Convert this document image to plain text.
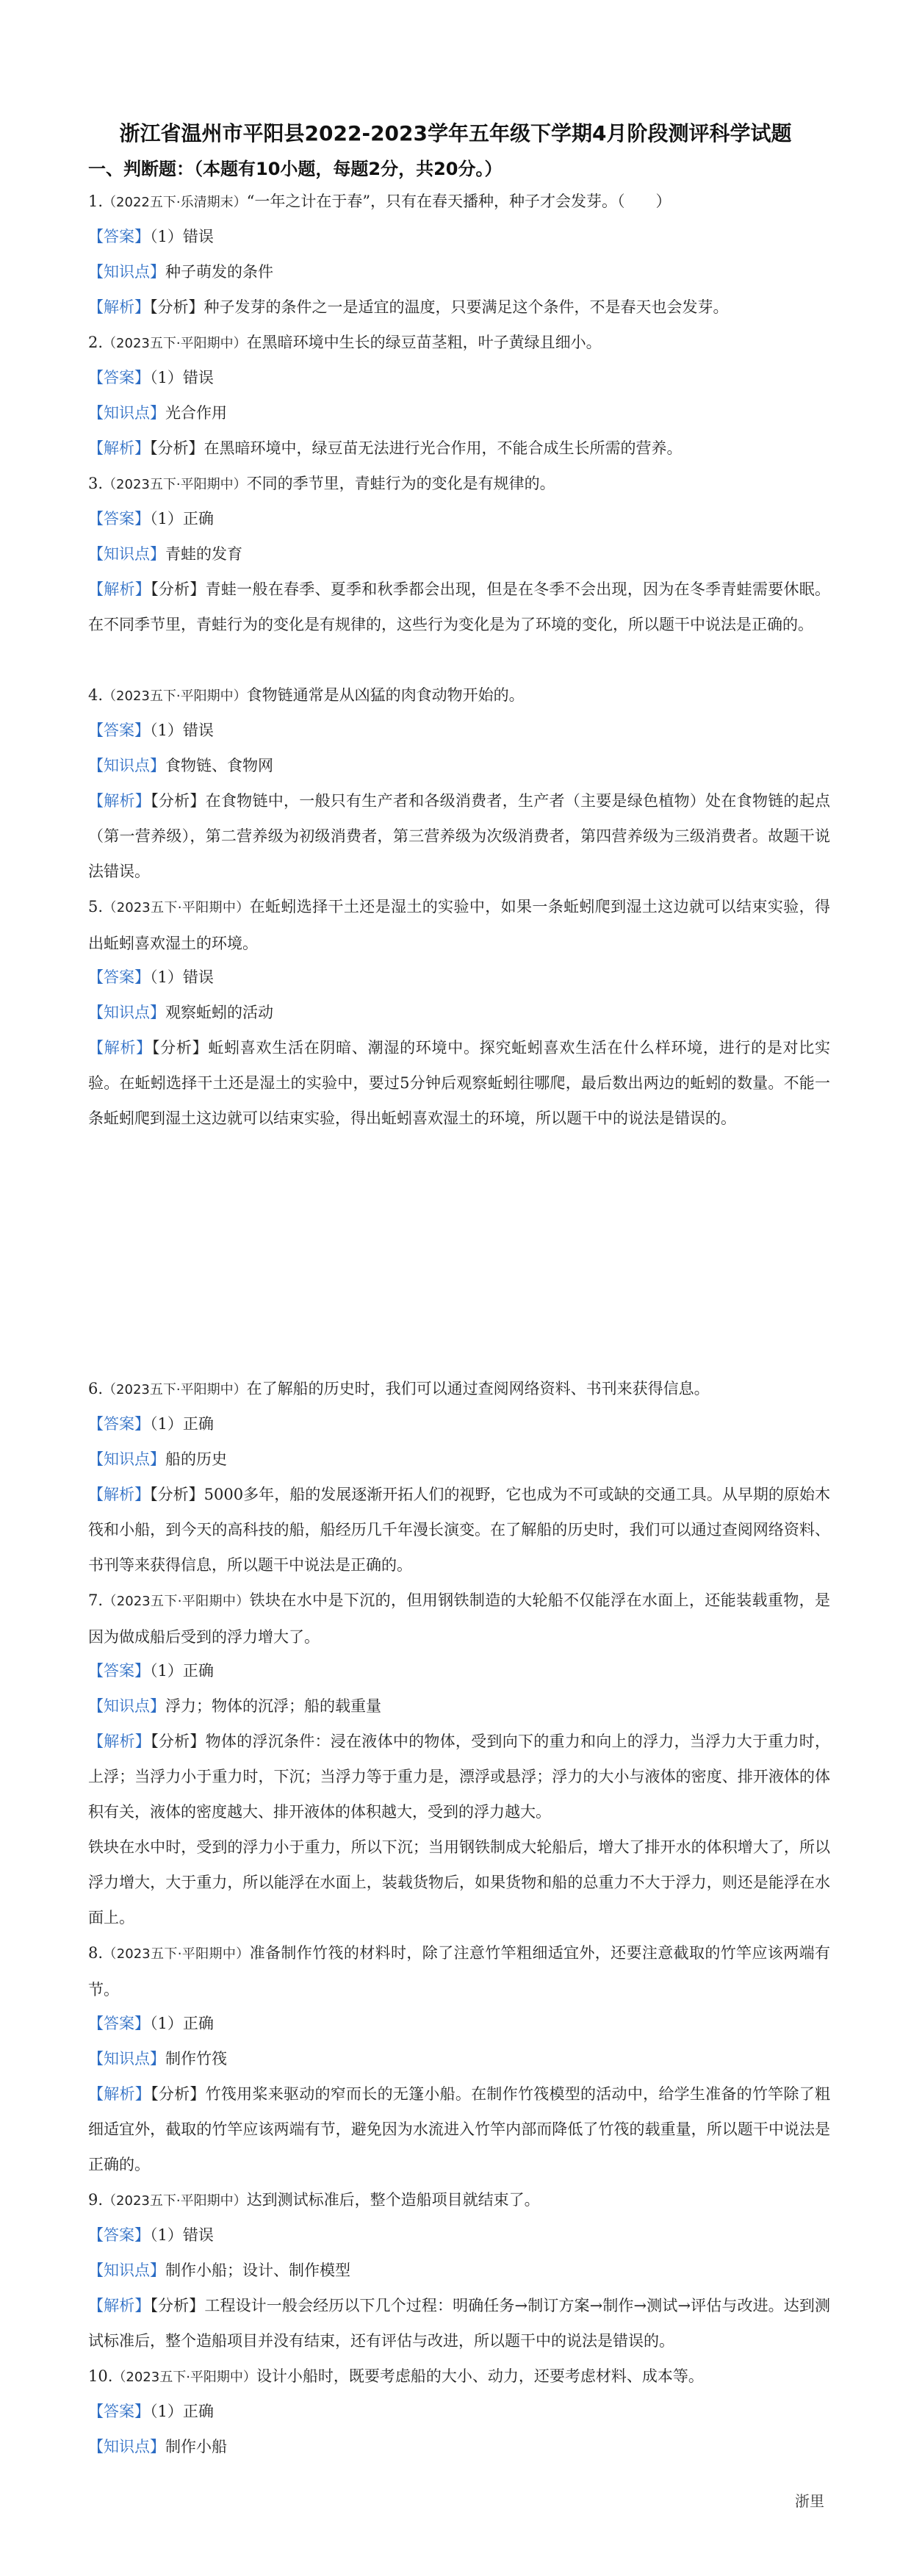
浙江省温州市平阳县2022-2023学年五年级下学期4月阶段测评科学试题
一、判断题：（本题有10小题，每题2分，共20分。）
1.（2022五下·乐清期末）“一年之计在于春”，只有在春天播种，种子才会发芽。（　　）
【答案】（1）错误
【知识点】种子萌发的条件
【解析】【分析】种子发芽的条件之一是适宜的温度，只要满足这个条件，不是春天也会发芽。
2.（2023五下·平阳期中）在黑暗环境中生长的绿豆苗茎粗，叶子黄绿且细小。
【答案】（1）错误
【知识点】光合作用
【解析】【分析】在黑暗环境中，绿豆苗无法进行光合作用，不能合成生长所需的营养。
3.（2023五下·平阳期中）不同的季节里，青蛙行为的变化是有规律的。
【答案】（1）正确
【知识点】青蛙的发育
【解析】【分析】青蛙一般在春季、夏季和秋季都会出现，但是在冬季不会出现，因为在冬季青蛙需要休眠。在不同季节里，青蛙行为的变化是有规律的，这些行为变化是为了环境的变化，所以题干中说法是正确的。
4.（2023五下·平阳期中）食物链通常是从凶猛的肉食动物开始的。
【答案】（1）错误
【知识点】食物链、食物网
【解析】【分析】在食物链中，一般只有生产者和各级消费者，生产者（主要是绿色植物）处在食物链的起点（第一营养级），第二营养级为初级消费者，第三营养级为次级消费者，第四营养级为三级消费者。故题干说法错误。
5.（2023五下·平阳期中）在蚯蚓选择干土还是湿土的实验中，如果一条蚯蚓爬到湿土这边就可以结束实验，得出蚯蚓喜欢湿土的环境。
【答案】（1）错误
【知识点】观察蚯蚓的活动
【解析】【分析】蚯蚓喜欢生活在阴暗、潮湿的环境中。探究蚯蚓喜欢生活在什么样环境，进行的是对比实验。在蚯蚓选择干土还是湿土的实验中，要过5分钟后观察蚯蚓往哪爬，最后数出两边的蚯蚓的数量。不能一条蚯蚓爬到湿土这边就可以结束实验，得出蚯蚓喜欢湿土的环境，所以题干中的说法是错误的。
6.（2023五下·平阳期中）在了解船的历史时，我们可以通过查阅网络资料、书刊来获得信息。
【答案】（1）正确
【知识点】船的历史
【解析】【分析】5000多年，船的发展逐渐开拓人们的视野，它也成为不可或缺的交通工具。从早期的原始木筏和小船，到今天的高科技的船，船经历几千年漫长演变。在了解船的历史时，我们可以通过查阅网络资料、书刊等来获得信息，所以题干中说法是正确的。
7.（2023五下·平阳期中）铁块在水中是下沉的，但用钢铁制造的大轮船不仅能浮在水面上，还能装载重物，是因为做成船后受到的浮力增大了。
【答案】（1）正确
【知识点】浮力；物体的沉浮；船的载重量
【解析】【分析】物体的浮沉条件：浸在液体中的物体，受到向下的重力和向上的浮力，当浮力大于重力时，上浮；当浮力小于重力时，下沉；当浮力等于重力是，漂浮或悬浮；浮力的大小与液体的密度、排开液体的体积有关，液体的密度越大、排开液体的体积越大，受到的浮力越大。
铁块在水中时，受到的浮力小于重力，所以下沉；当用钢铁制成大轮船后，增大了排开水的体积增大了，所以浮力增大，大于重力，所以能浮在水面上，装载货物后，如果货物和船的总重力不大于浮力，则还是能浮在水面上。
8.（2023五下·平阳期中）准备制作竹筏的材料时，除了注意竹竿粗细适宜外，还要注意截取的竹竿应该两端有节。
【答案】（1）正确
【知识点】制作竹筏
【解析】【分析】竹筏用桨来驱动的窄而长的无篷小船。在制作竹筏模型的活动中，给学生准备的竹竿除了粗细适宜外，截取的竹竿应该两端有节，避免因为水流进入竹竿内部而降低了竹筏的载重量，所以题干中说法是正确的。
9.（2023五下·平阳期中）达到测试标准后，整个造船项目就结束了。
【答案】（1）错误
【知识点】制作小船；设计、制作模型
【解析】【分析】工程设计一般会经历以下几个过程：明确任务→制订方案→制作→测试→评估与改进。达到测试标准后，整个造船项目并没有结束，还有评估与改进，所以题干中的说法是错误的。
10.（2023五下·平阳期中）设计小船时，既要考虑船的大小、动力，还要考虑材料、成本等。
【答案】（1）正确
【知识点】制作小船
浙里
